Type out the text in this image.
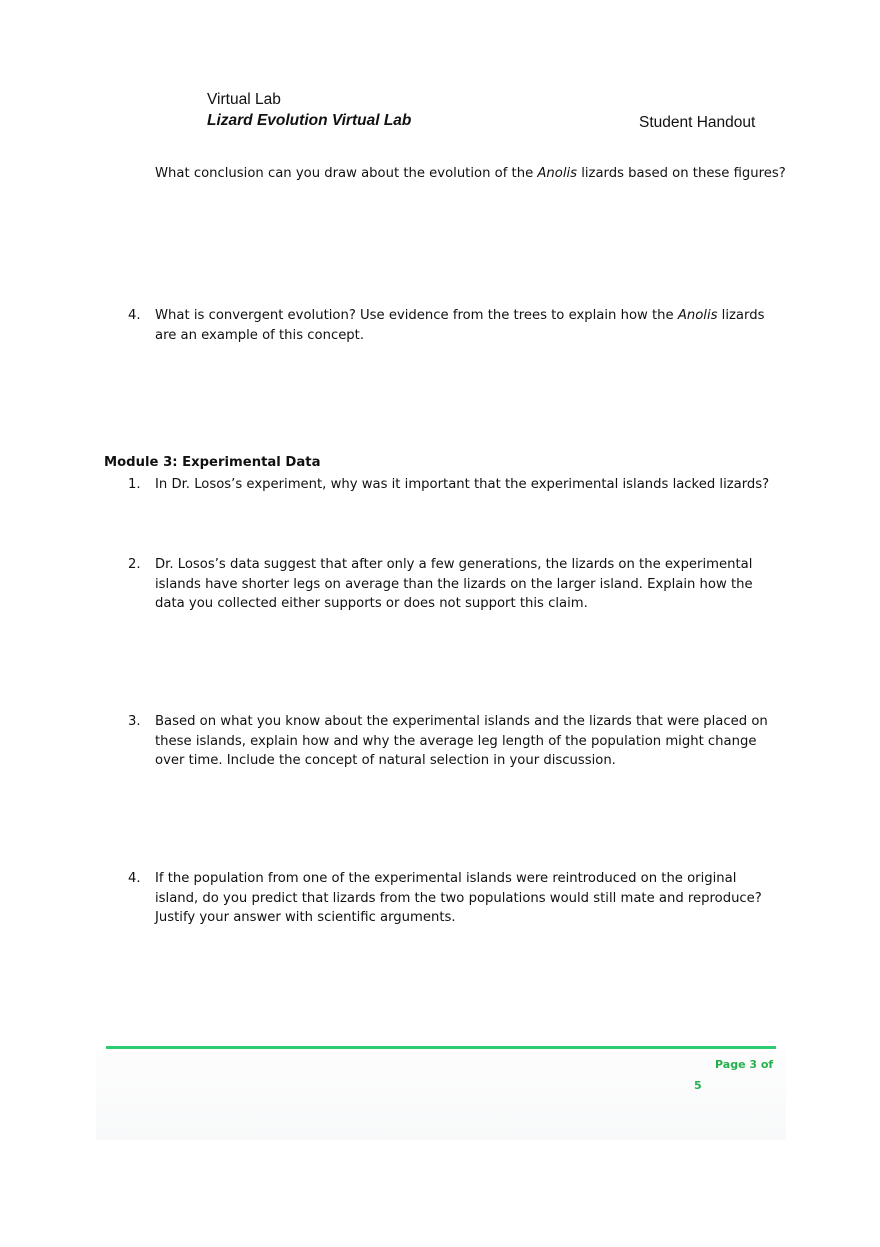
Virtual Lab
Lizard Evolution Virtual Lab	Student Handout

What conclusion can you draw about the evolution of the Anolis lizards based on these figures?

4.	What is convergent evolution? Use evidence from the trees to explain how the Anolis lizards are an example of this concept.

Module 3: Experimental Data

1.	In Dr. Losos’s experiment, why was it important that the experimental islands lacked lizards?

2.	Dr. Losos’s data suggest that after only a few generations, the lizards on the experimental islands have shorter legs on average than the lizards on the larger island. Explain how the data you collected either supports or does not support this claim.

3.	Based on what you know about the experimental islands and the lizards that were placed on these islands, explain how and why the average leg length of the population might change over time. Include the concept of natural selection in your discussion.

4.	If the population from one of the experimental islands were reintroduced on the original island, do you predict that lizards from the two populations would still mate and reproduce? Justify your answer with scientific arguments.

Page 3 of
5
